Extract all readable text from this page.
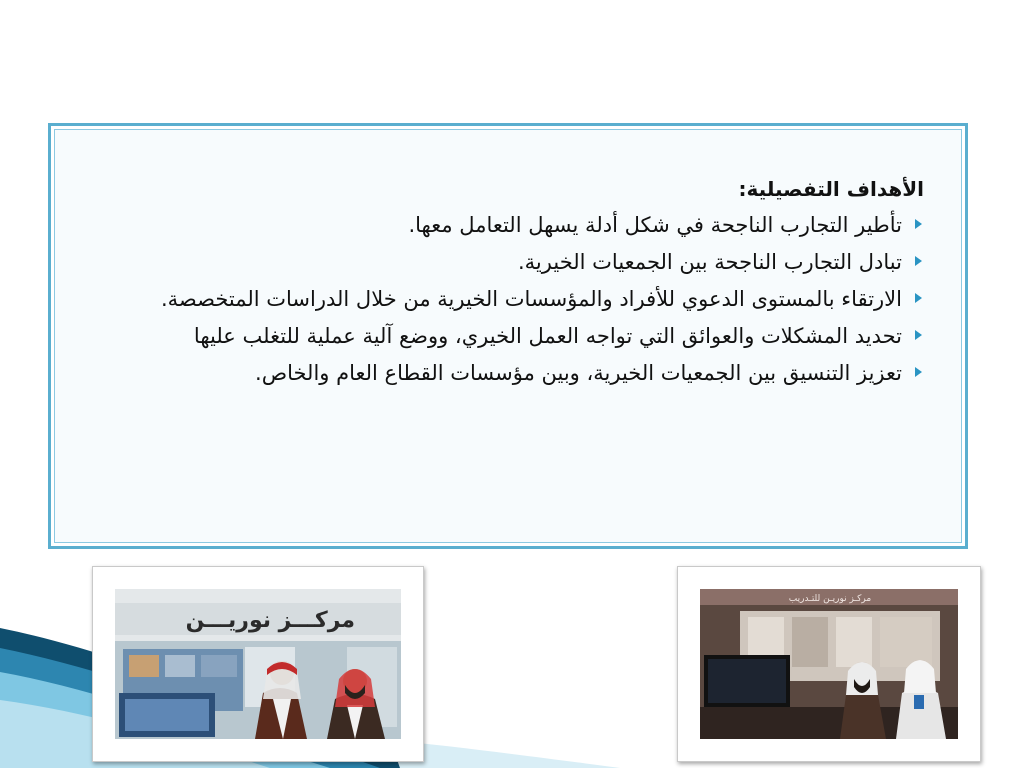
الأهداف التفصيلية:
تأطير التجارب الناجحة في شكل أدلة يسهل التعامل معها.
تبادل التجارب الناجحة بين الجمعيات الخيرية.
الارتقاء بالمستوى الدعوي للأفراد والمؤسسات الخيرية من خلال الدراسات المتخصصة.
تحديد المشكلات والعوائق التي تواجه العمل الخيري، ووضع آلية عملية للتغلب عليها
تعزيز التنسيق بين الجمعيات الخيرية، وبين مؤسسات القطاع العام والخاص.
مركـــز نوريـــن
مركـز نوريـن للتـدريب
